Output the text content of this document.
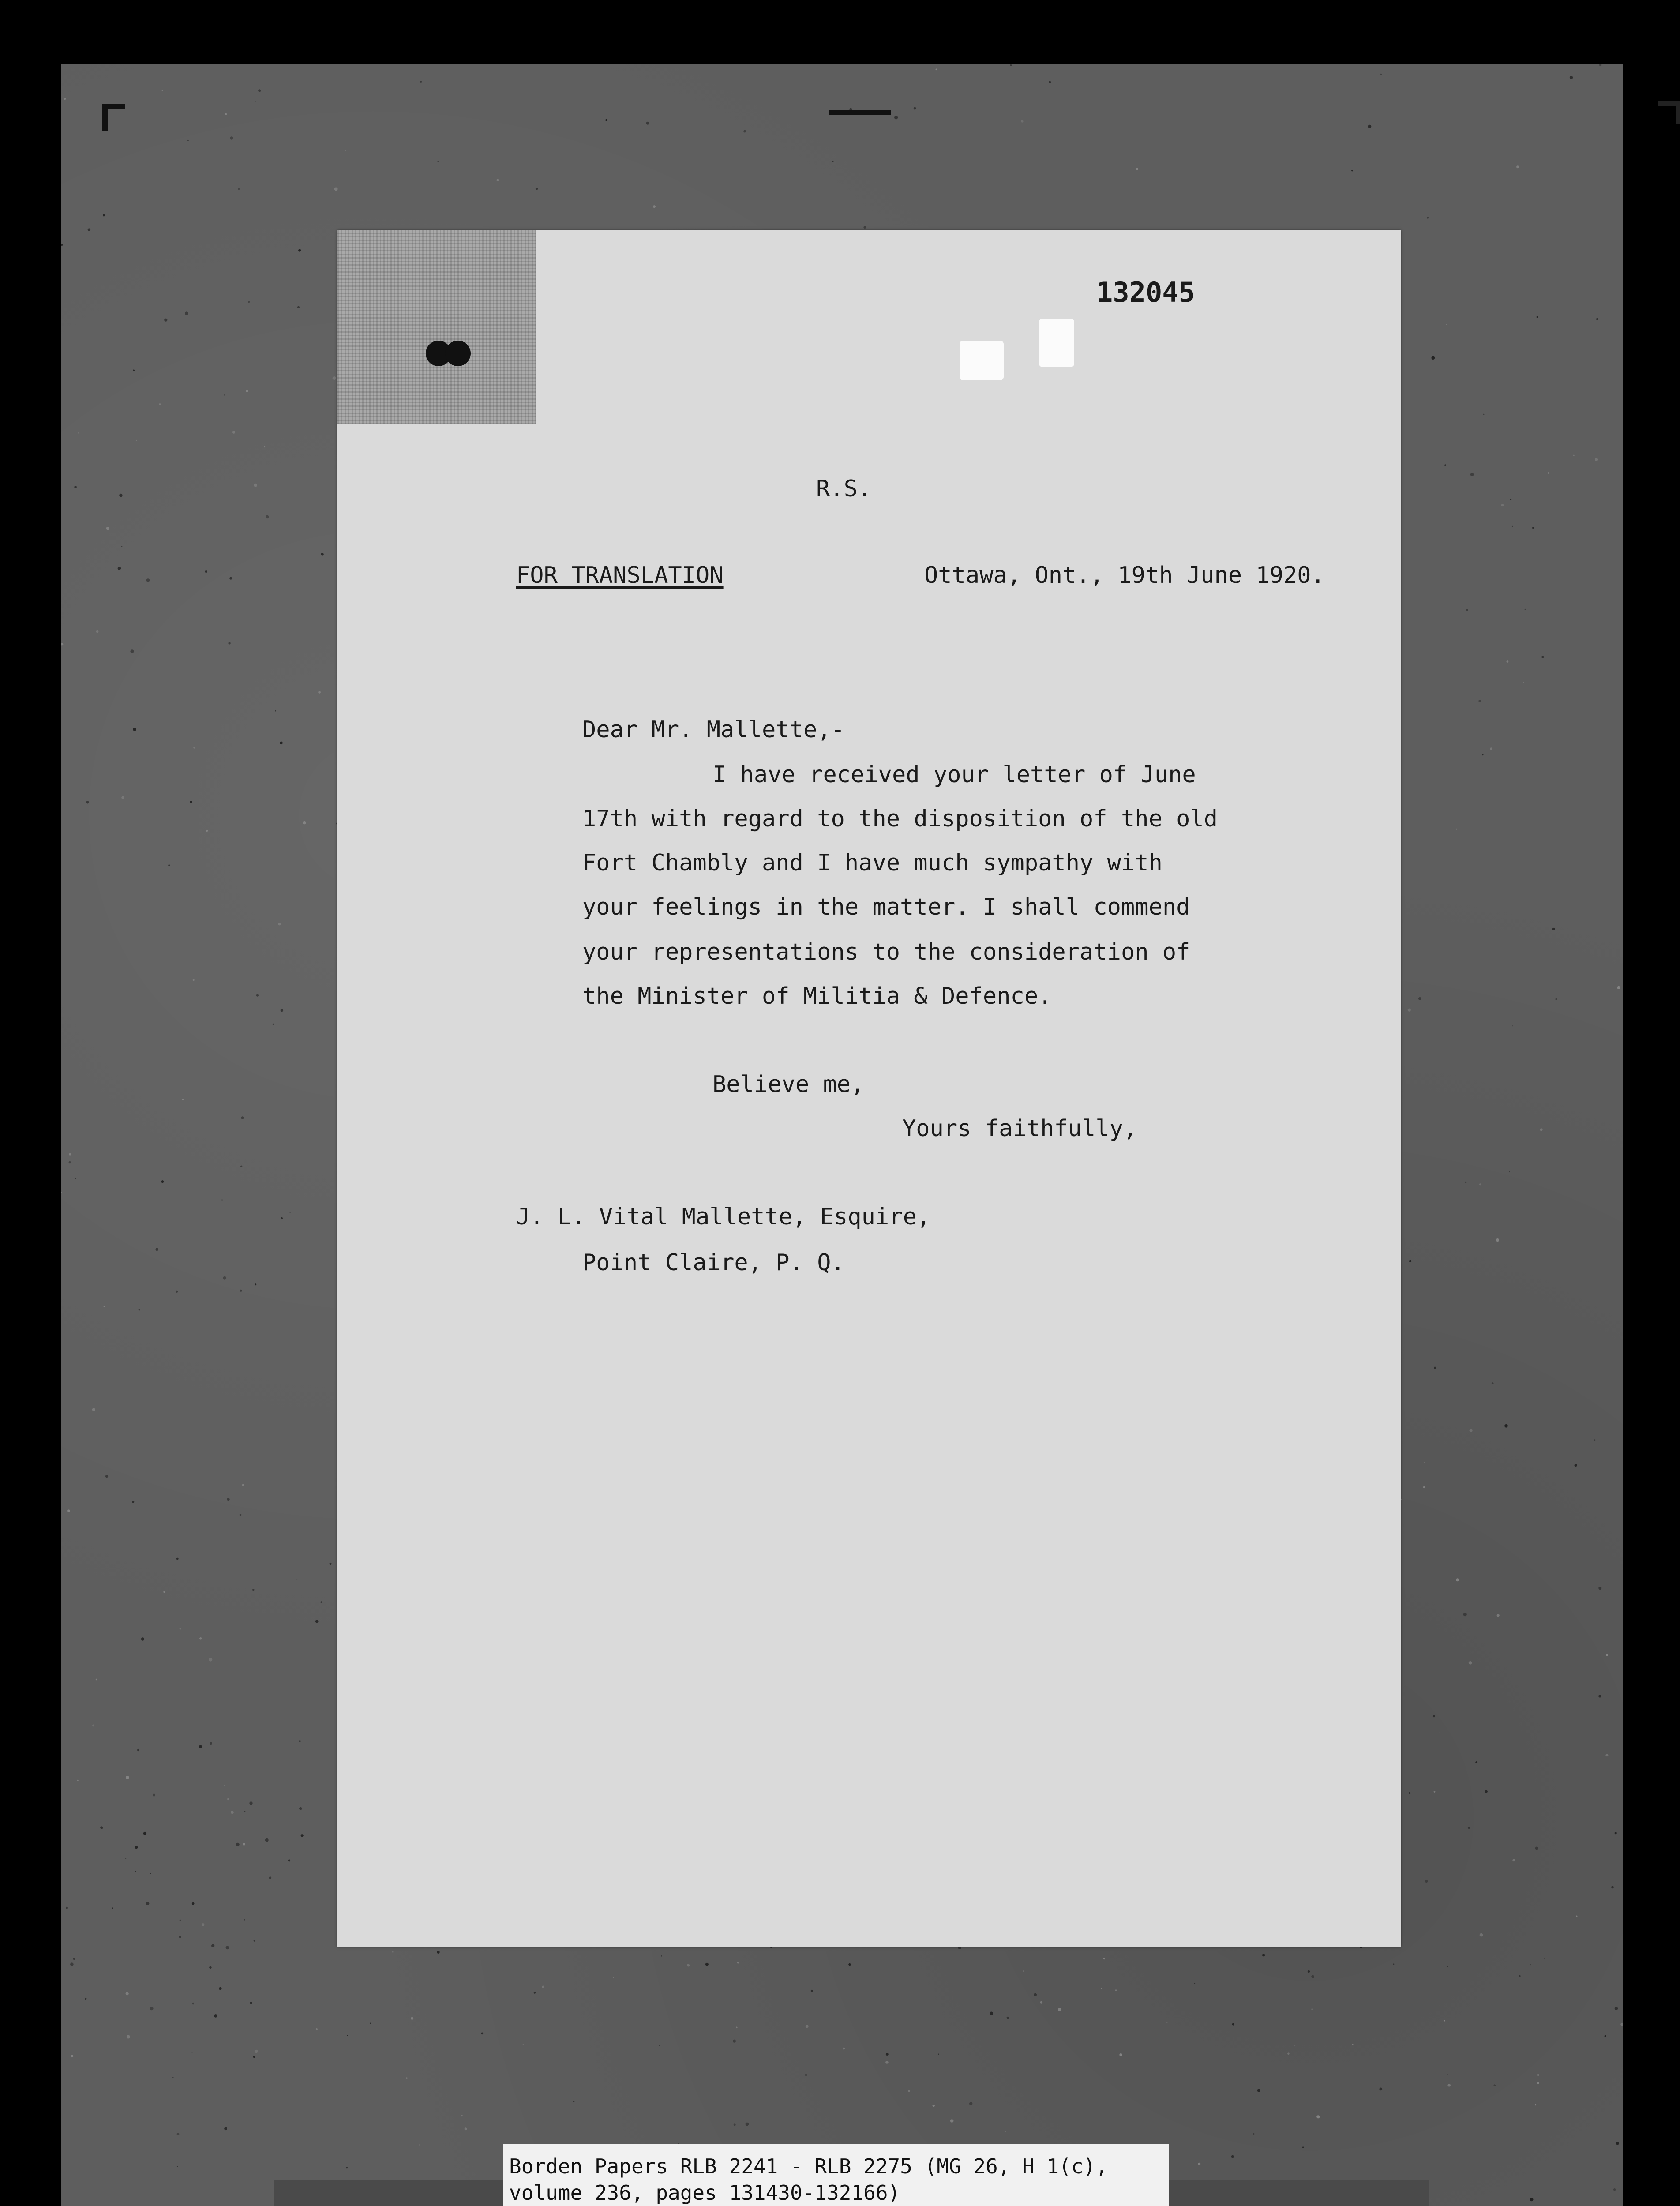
132045
R.S.
FOR TRANSLATION	Ottawa, Ont., 19th June 1920.
Dear Mr. Mallette,-
I have received your letter of June
17th with regard to the disposition of the old
Fort Chambly and I have much sympathy with
your feelings in the matter. I shall commend
your representations to the consideration of
the Minister of Militia & Defence.
Believe me,
Yours faithfully,
J. L. Vital Mallette, Esquire,
Point Claire, P. Q.
Borden Papers RLB 2241 - RLB 2275 (MG 26, H 1(c),
volume 236, pages 131430-132166)
